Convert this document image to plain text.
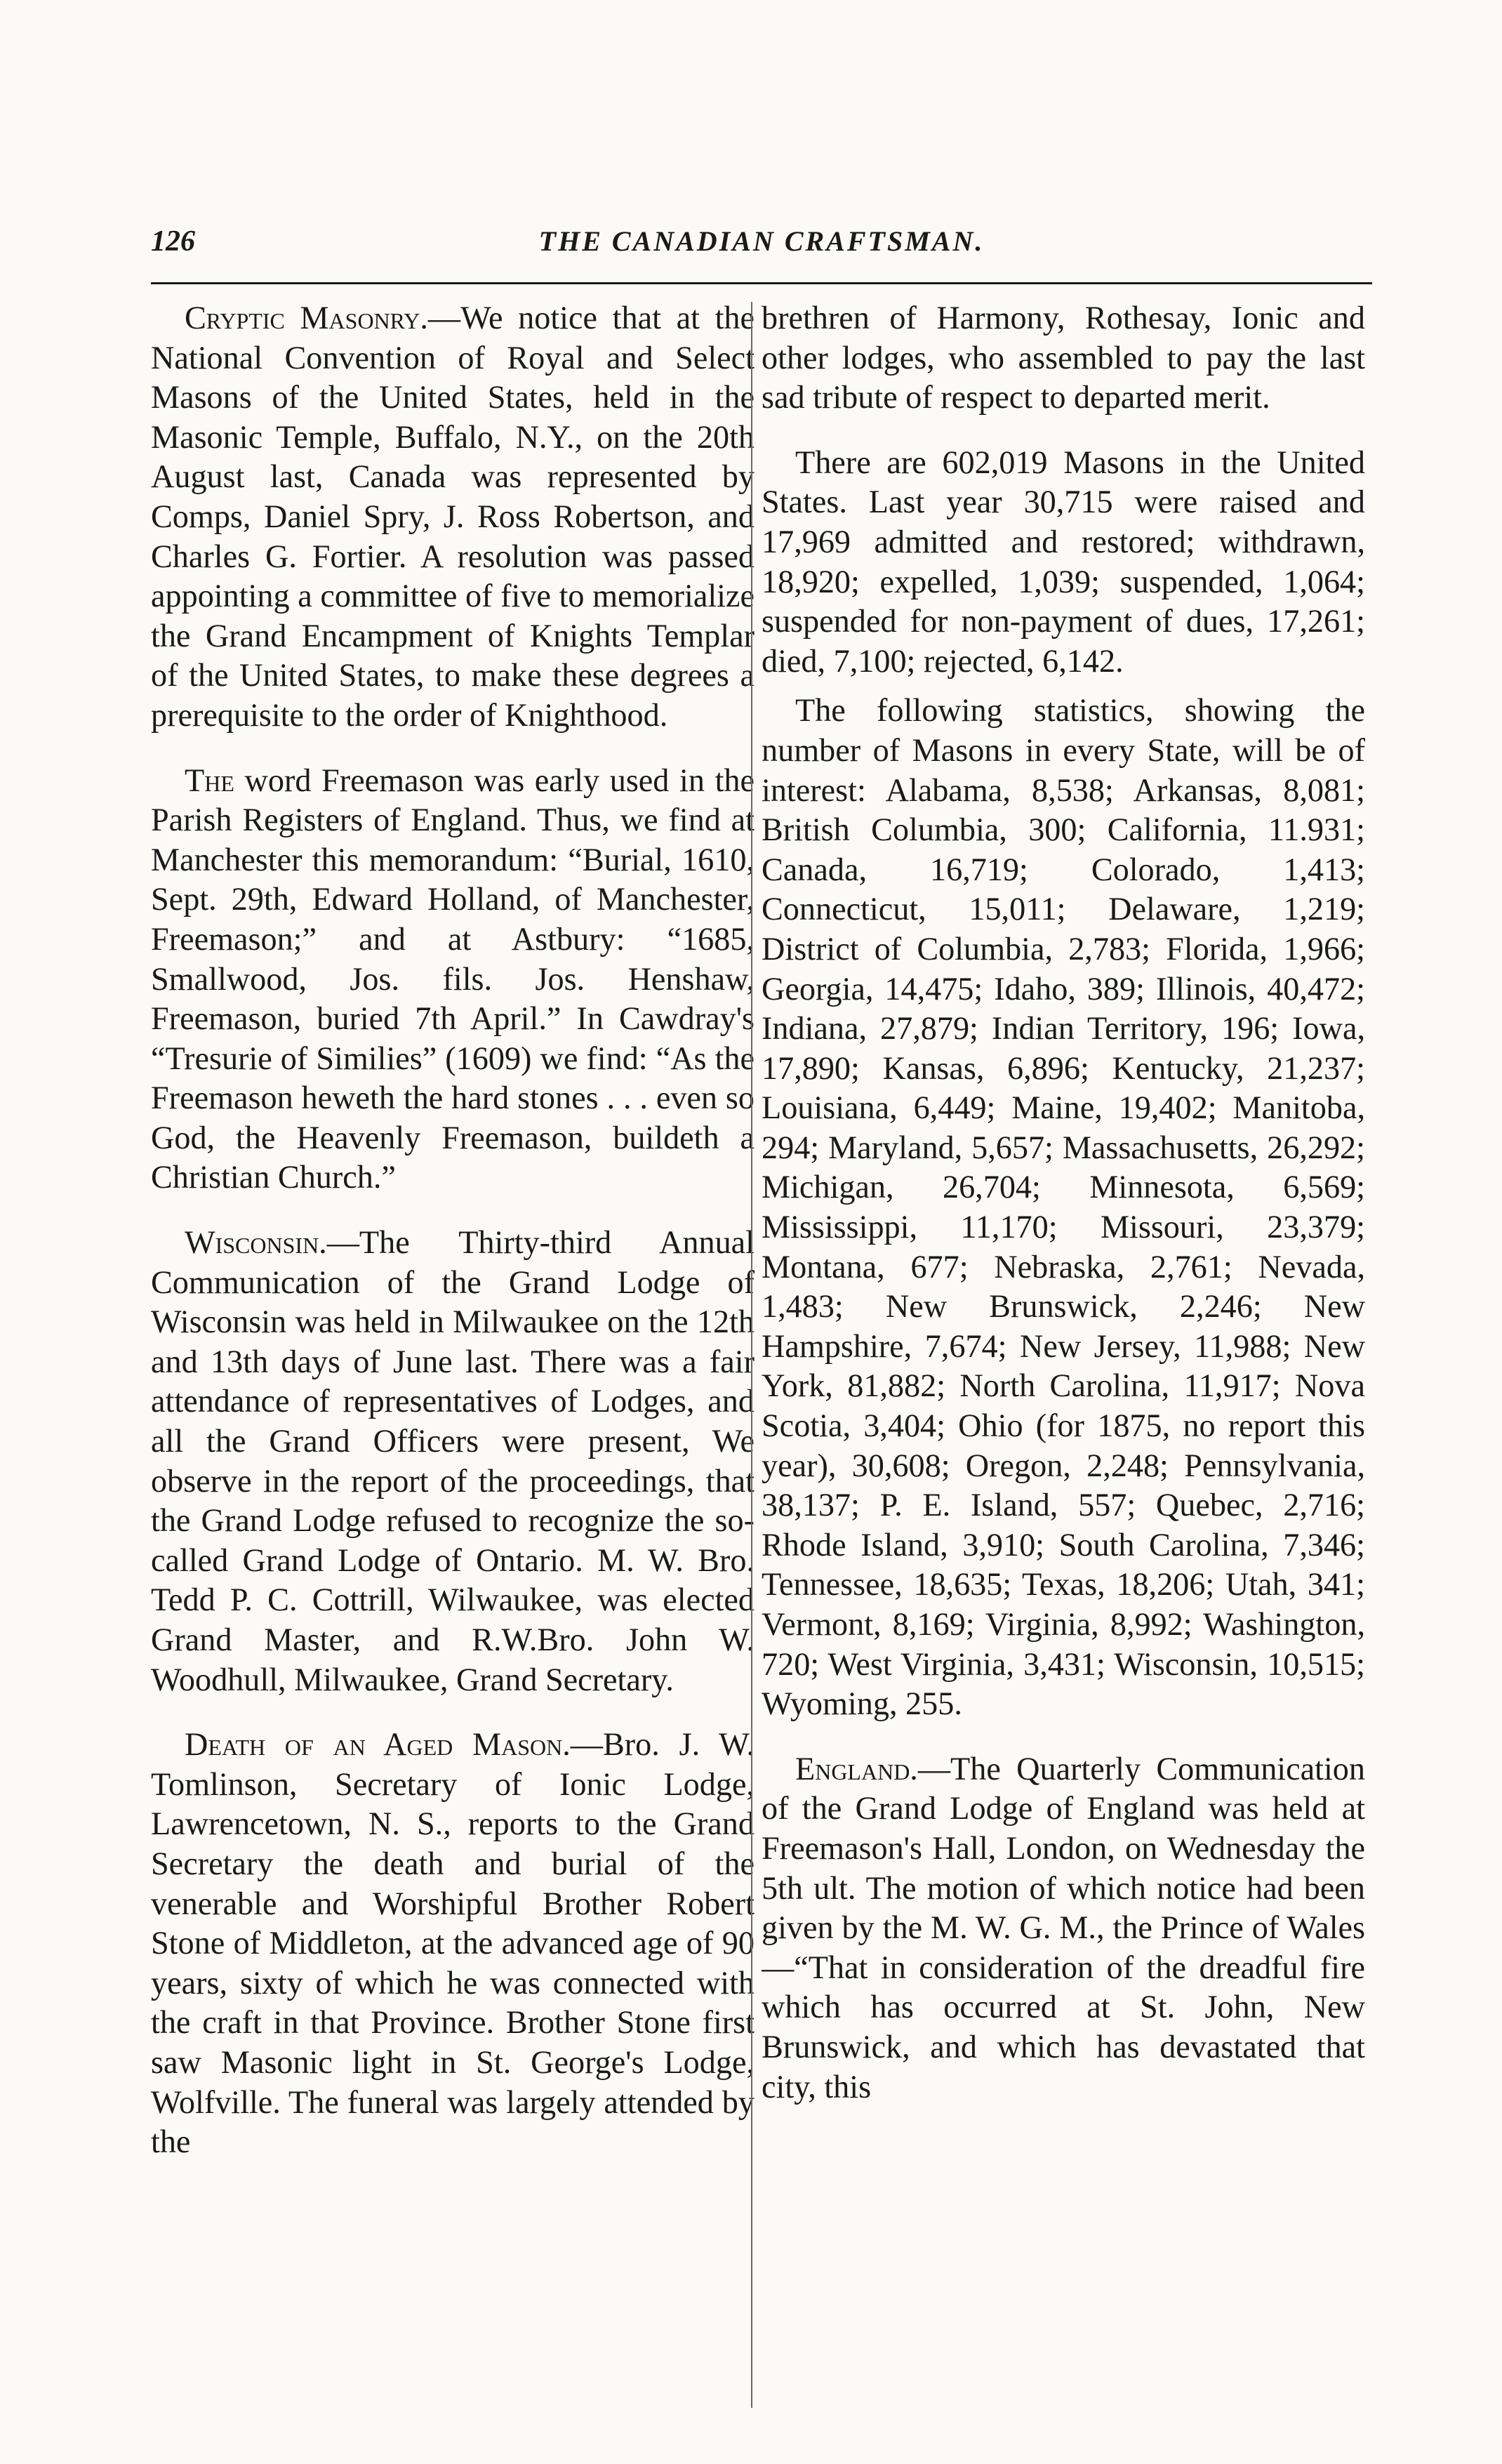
126	THE CANADIAN CRAFTSMAN.

Cryptic Masonry.—We notice that at the National Convention of Royal and Select Masons of the United States, held in the Masonic Temple, Buffalo, N.Y., on the 20th August last, Canada was represented by Comps, Daniel Spry, J. Ross Robertson, and Charles G. Fortier. A resolution was passed appointing a committee of five to memorialize the Grand Encampment of Knights Templar of the United States, to make these degrees a prerequisite to the order of Knighthood.

The word Freemason was early used in the Parish Registers of England. Thus, we find at Manchester this memorandum: “Burial, 1610, Sept. 29th, Edward Holland, of Manchester, Freemason;” and at Astbury: “1685, Smallwood, Jos. fils. Jos. Henshaw, Freemason, buried 7th April.” In Cawdray's “Tresurie of Similies” (1609) we find: “As the Freemason heweth the hard stones . . . even so God, the Heavenly Freemason, buildeth a Christian Church.”

Wisconsin.—The Thirty-third Annual Communication of the Grand Lodge of Wisconsin was held in Milwaukee on the 12th and 13th days of June last. There was a fair attendance of representatives of Lodges, and all the Grand Officers were present, We observe in the report of the proceedings, that the Grand Lodge refused to recognize the so-called Grand Lodge of Ontario. M. W. Bro. Tedd P. C. Cottrill, Wilwaukee, was elected Grand Master, and R.W.Bro. John W. Woodhull, Milwaukee, Grand Secretary.

Death of an Aged Mason.—Bro. J. W. Tomlinson, Secretary of Ionic Lodge, Lawrencetown, N. S., reports to the Grand Secretary the death and burial of the venerable and Worshipful Brother Robert Stone of Middleton, at the advanced age of 90 years, sixty of which he was connected with the craft in that Province. Brother Stone first saw Masonic light in St. George's Lodge, Wolfville. The funeral was largely attended by the

brethren of Harmony, Rothesay, Ionic and other lodges, who assembled to pay the last sad tribute of respect to departed merit.

There are 602,019 Masons in the United States. Last year 30,715 were raised and 17,969 admitted and restored; withdrawn, 18,920; expelled, 1,039; suspended, 1,064; suspended for non-payment of dues, 17,261; died, 7,100; rejected, 6,142.

The following statistics, showing the number of Masons in every State, will be of interest: Alabama, 8,538; Arkansas, 8,081; British Columbia, 300; California, 11.931; Canada, 16,719; Colorado, 1,413; Connecticut, 15,011; Delaware, 1,219; District of Columbia, 2,783; Florida, 1,966; Georgia, 14,475; Idaho, 389; Illinois, 40,472; Indiana, 27,879; Indian Territory, 196; Iowa, 17,890; Kansas, 6,896; Kentucky, 21,237; Louisiana, 6,449; Maine, 19,402; Manitoba, 294; Maryland, 5,657; Massachusetts, 26,292; Michigan, 26,704; Minnesota, 6,569; Mississippi, 11,170; Missouri, 23,379; Montana, 677; Nebraska, 2,761; Nevada, 1,483; New Brunswick, 2,246; New Hampshire, 7,674; New Jersey, 11,988; New York, 81,882; North Carolina, 11,917; Nova Scotia, 3,404; Ohio (for 1875, no report this year), 30,608; Oregon, 2,248; Pennsylvania, 38,137; P. E. Island, 557; Quebec, 2,716; Rhode Island, 3,910; South Carolina, 7,346; Tennessee, 18,635; Texas, 18,206; Utah, 341; Vermont, 8,169; Virginia, 8,992; Washington, 720; West Virginia, 3,431; Wisconsin, 10,515; Wyoming, 255.

England.—The Quarterly Communication of the Grand Lodge of England was held at Freemason's Hall, London, on Wednesday the 5th ult. The motion of which notice had been given by the M. W. G. M., the Prince of Wales—“That in consideration of the dreadful fire which has occurred at St. John, New Brunswick, and which has devastated that city, this
